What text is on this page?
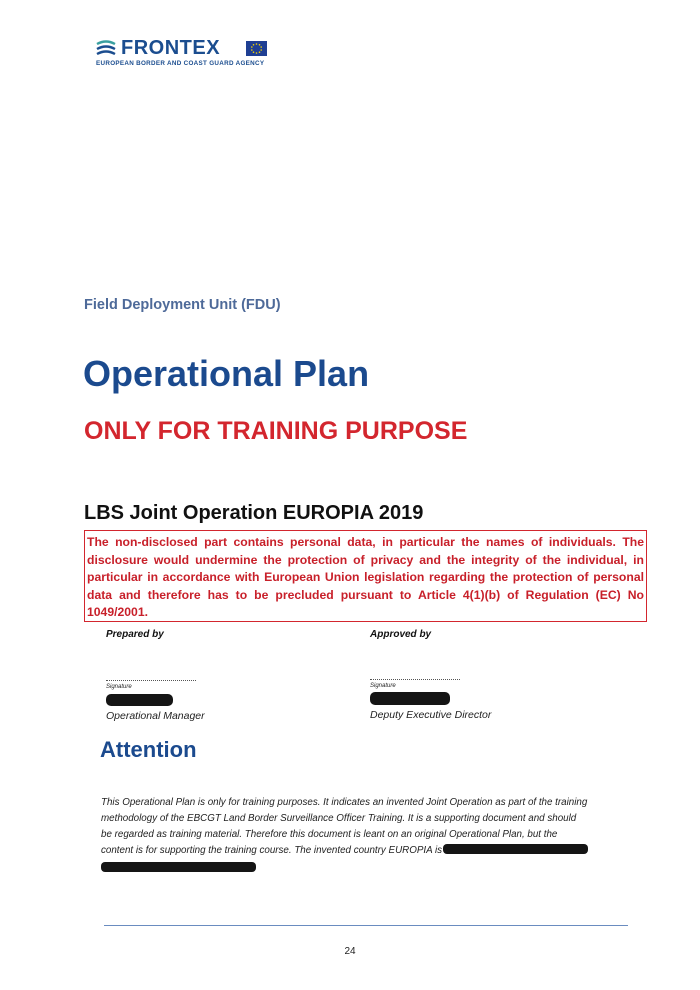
FRONTEX
EUROPEAN BORDER AND COAST GUARD AGENCY
Field Deployment Unit (FDU)
Operational Plan
ONLY FOR TRAINING PURPOSE
LBS Joint Operation EUROPIA 2019
The non-disclosed part contains personal data, in particular the names of individuals. The disclosure would undermine the protection of privacy and the integrity of the individual, in particular in accordance with European Union legislation regarding the protection of personal data and therefore has to be precluded pursuant to Article 4(1)(b) of Regulation (EC) No 1049/2001.
Prepared by
Signature
Operational Manager
Approved by
Signature
Deputy Executive Director
Attention
This Operational Plan is only for training purposes. It indicates an invented Joint Operation as part of the training
methodology of the EBCGT Land Border Surveillance Officer Training. It is a supporting document and should
be regarded as training material. Therefore this document is leant on an original Operational Plan, but the
content is for supporting the training course. The invented country EUROPIA is
24
